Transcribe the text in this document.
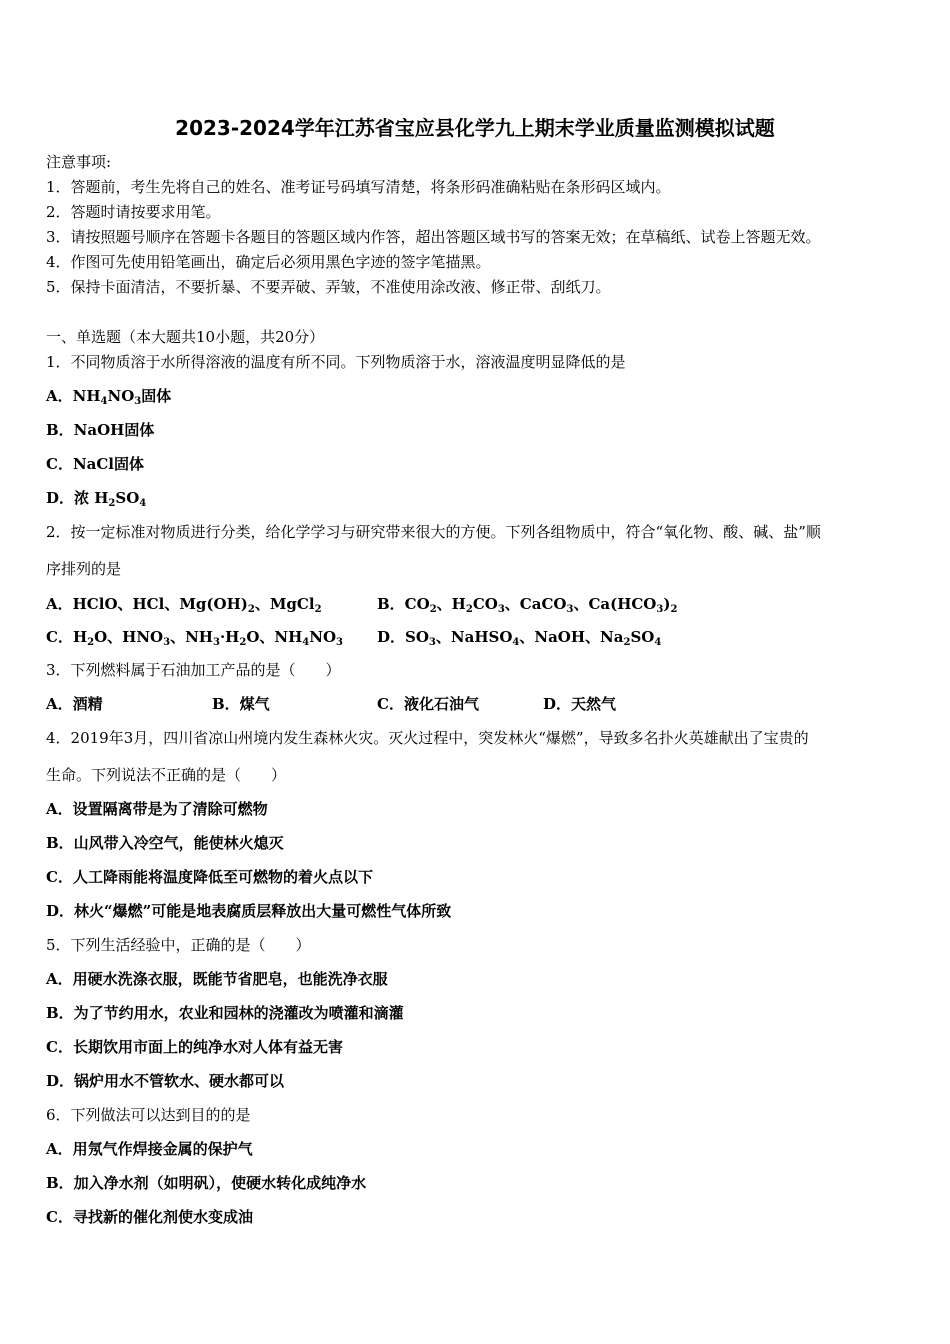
2023-2024学年江苏省宝应县化学九上期末学业质量监测模拟试题
注意事项:
1．答题前，考生先将自己的姓名、准考证号码填写清楚，将条形码准确粘贴在条形码区域内。
2．答题时请按要求用笔。
3．请按照题号顺序在答题卡各题目的答题区域内作答，超出答题区域书写的答案无效；在草稿纸、试卷上答题无效。
4．作图可先使用铅笔画出，确定后必须用黑色字迹的签字笔描黑。
5．保持卡面清洁，不要折暴、不要弄破、弄皱，不准使用涂改液、修正带、刮纸刀。
一、单选题（本大题共10小题，共20分）
1．不同物质溶于水所得溶液的温度有所不同。下列物质溶于水，溶液温度明显降低的是
A．$NH_4NO_3$固体
B．NaOH固体
C．NaCl固体
D．浓 $H_2SO_4$
2．按一定标准对物质进行分类，给化学学习与研究带来很大的方便。下列各组物质中，符合“氧化物、酸、碱、盐”顺
序排列的是
A．HClO、HCl、$Mg(OH)_2$、MgCl$_2$	B．$CO_2$、$H_2CO_3$、CaCO$_3$、$Ca(HCO_3)_2$
C．$H_2O$、$HNO_3$、$NH_3\cdot H_2O$、$NH_4NO_3$ D．$SO_3$、NaHSO$_4$、NaOH、$Na_2SO_4$
3．下列燃料属于石油加工产品的是（　　）
A．酒精	B．煤气	C．液化石油气	D．天然气
4．2019年3月，四川省凉山州境内发生森林火灾。灭火过程中，突发林火“爆燃”，导致多名扑火英雄献出了宝贵的
生命。下列说法不正确的是（　　）
A．设置隔离带是为了清除可燃物
B．山风带入冷空气，能使林火熄灭
C．人工降雨能将温度降低至可燃物的着火点以下
D．林火“爆燃”可能是地表腐质层释放出大量可燃性气体所致
5．下列生活经验中，正确的是（　　）
A．用硬水洗涤衣服，既能节省肥皂，也能洗净衣服
B．为了节约用水，农业和园林的浇灌改为喷灌和滴灌
C．长期饮用市面上的纯净水对人体有益无害
D．锅炉用水不管软水、硬水都可以
6．下列做法可以达到目的的是
A．用氖气作焊接金属的保护气
B．加入净水剂（如明矾），使硬水转化成纯净水
C．寻找新的催化剂使水变成油
